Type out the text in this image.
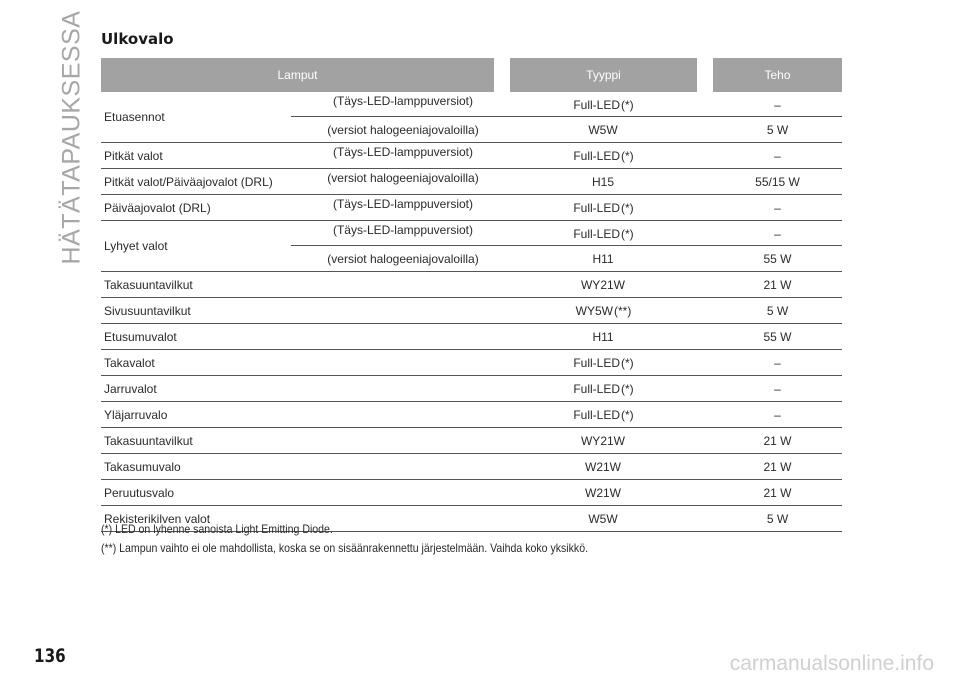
HÄTÄTAPAUKSESSA Ulkovalo
Lamput	Tyyppi	Teho
Etuasennot
(Täys-LED-lamppuversiot)	Full-LED (*)	–
(versiot halogeeniajovaloilla)	W5W	5 W
Pitkät valot	(Täys-LED-lamppuversiot)	Full-LED (*)	–
Pitkät valot/Päiväajovalot (DRL)	(versiot halogeeniajovaloilla)	H15	55/15 W
Päiväajovalot (DRL)	(Täys-LED-lamppuversiot)	Full-LED (*)	–
Lyhyet valot
(Täys-LED-lamppuversiot)	Full-LED (*)	–
(versiot halogeeniajovaloilla)	H11	55 W
Takasuuntavilkut	WY21W	21 W
Sivusuuntavilkut	WY5W (**)	5 W
Etusumuvalot	H11	55 W
Takavalot	Full-LED (*)	–
Jarruvalot	Full-LED (*)	–
Yläjarruvalo	Full-LED (*)	–
Takasuuntavilkut	WY21W	21 W
Takasumuvalo	W21W	21 W
Peruutusvalo	W21W	21 W
Rekisterikilven valot	W5W	5 W
(*) LED on lyhenne sanoista Light Emitting Diode.
(**) Lampun vaihto ei ole mahdollista, koska se on sisäänrakennettu järjestelmään. Vaihda koko yksikkö.
136	carmanualsonline.info
